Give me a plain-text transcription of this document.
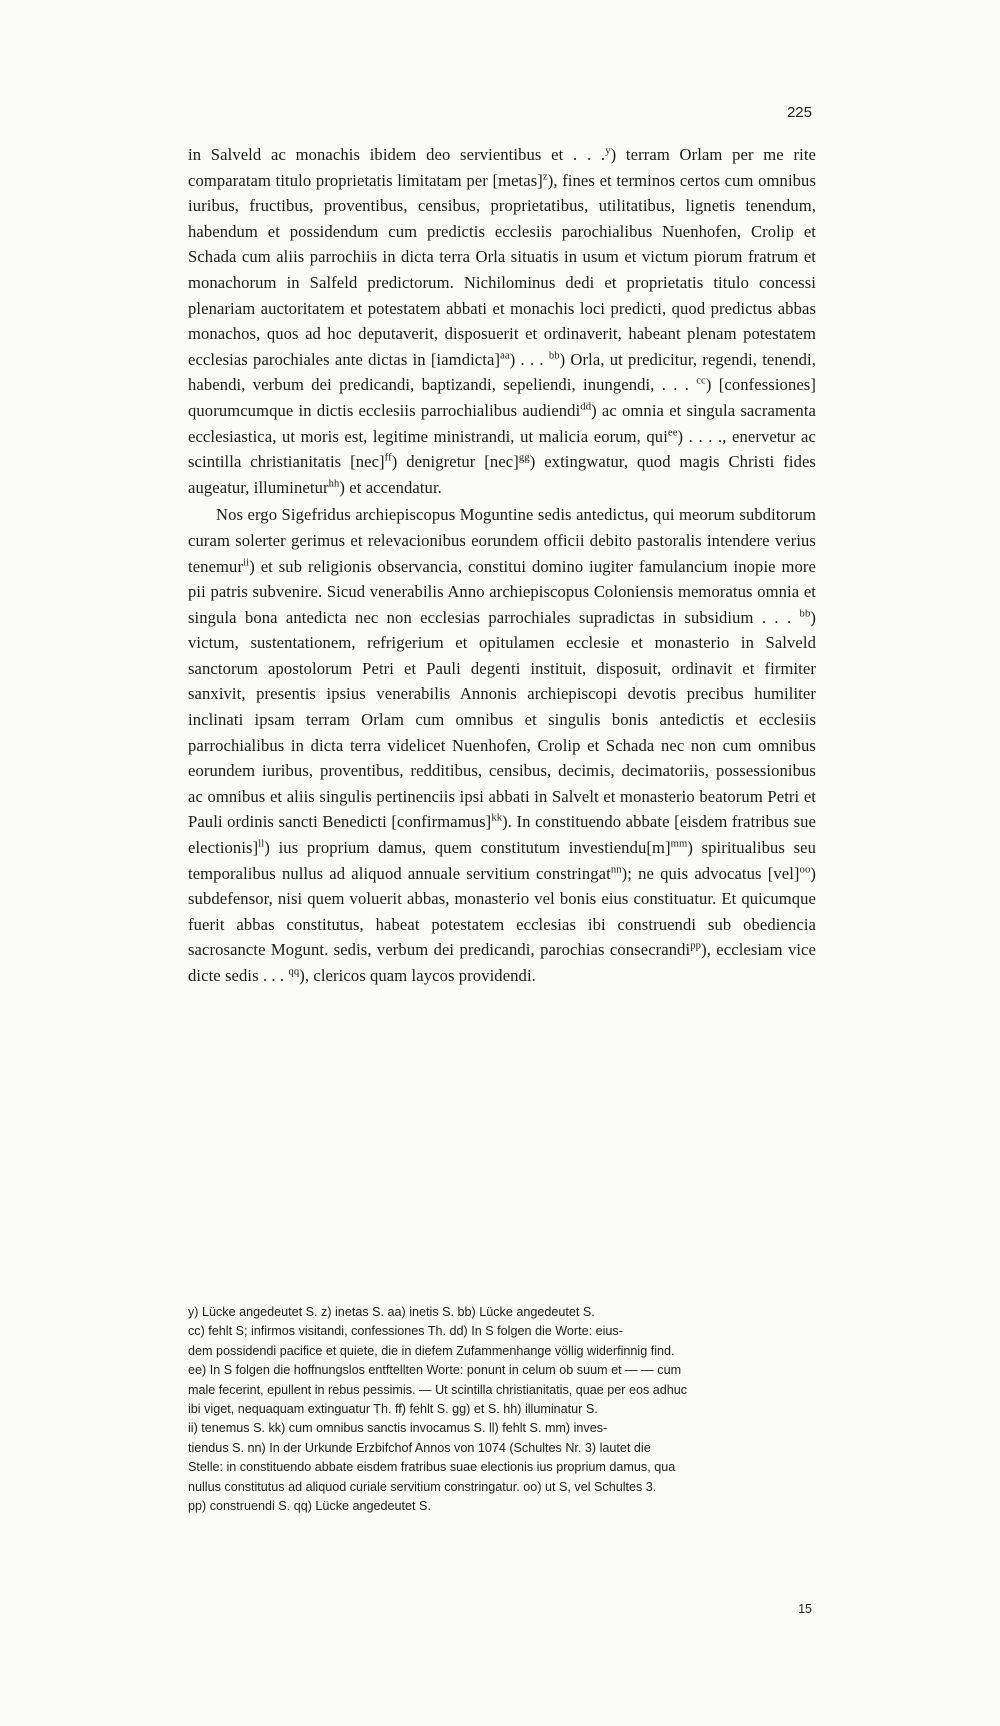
225

in Salveld ac monachis ibidem deo servientibus et . . .$^y$) terram Orlam per me rite comparatam titulo proprietatis limitatam per [metas]$^z$), fines et terminos certos cum omnibus iuribus, fructibus, proventibus, censibus, proprietatibus, utilitatibus, lignetis tenendum, habendum et possidendum cum predictis ecclesiis parochialibus Nuenhofen, Crolip et Schada cum aliis parrochiis in dicta terra Orla situatis in usum et victum piorum fratrum et monachorum in Salfeld predictorum. Nichilominus dedi et proprietatis titulo concessi plenariam auctoritatem et potestatem abbati et monachis loci predicti, quod predictus abbas monachos, quos ad hoc deputaverit, disposuerit et ordinaverit, habeant plenam potestatem ecclesias parochiales ante dictas in [iamdicta]$^{aa}$) . . . $^{bb}$) Orla, ut predicitur, regendi, tenendi, habendi, verbum dei predicandi, baptizandi, sepeliendi, inungendi, . . . $^{cc}$) [confessiones] quorumcumque in dictis ecclesiis parrochialibus audiendi$^{dd}$) ac omnia et singula sacramenta ecclesiastica, ut moris est, legitime ministrandi, ut malicia eorum, qui$^{ee}$) . . . ., enervetur ac scintilla christianitatis [nec]$^{ff}$) denigretur [nec]$^{gg}$) extingwatur, quod magis Christi fides augeatur, illuminetur$^{hh}$) et accendatur.

Nos ergo Sigefridus archiepiscopus Moguntine sedis antedictus, qui meorum subditorum curam solerter gerimus et relevacionibus eorundem officii debito pastoralis intendere verius tenemur$^{ii}$) et sub religionis observancia, constitui domino iugiter famulancium inopie more pii patris subvenire. Sicud venerabilis Anno archiepiscopus Coloniensis memoratus omnia et singula bona antedicta nec non ecclesias parrochiales supradictas in subsidium . . . $^{bb}$) victum, sustentationem, refrigerium et opitulamen ecclesie et monasterio in Salveld sanctorum apostolorum Petri et Pauli degenti instituit, disposuit, ordinavit et firmiter sanxivit, presentis ipsius venerabilis Annonis archiepiscopi devotis precibus humiliter inclinati ipsam terram Orlam cum omnibus et singulis bonis antedictis et ecclesiis parrochialibus in dicta terra videlicet Nuenhofen, Crolip et Schada nec non cum omnibus eorundem iuribus, proventibus, redditibus, censibus, decimis, decimatoriis, possessionibus ac omnibus et aliis singulis pertinenciis ipsi abbati in Salvelt et monasterio beatorum Petri et Pauli ordinis sancti Benedicti [confirmamus]$^{kk}$). In constituendo abbate [eisdem fratribus sue electionis]$^{ll}$) ius proprium damus, quem constitutum $investiendu[m]^{mm}$) spiritualibus seu temporalibus nullus ad aliquod annuale servitium constringat$^{nn}$); ne quis advocatus [vel]$^{oo}$) subdefensor, nisi quem voluerit abbas, monasterio vel bonis eius constituatur. Et quicumque fuerit abbas constitutus, habeat potestatem ecclesias ibi construendi sub obediencia sacrosancte Mogunt. sedis, verbum dei predicandi, parochias consecrandi$^{pp}$), ecclesiam vice dicte sedis . . . $^{qq}$), clericos quam laycos providendi.

y) Lücke angedeutet S. z) inetas S. aa) inetis S. bb) Lücke angedeutet S.

cc) fehlt S; infirmos visitandi, confessiones Th. dd) In S folgen die Worte: eius-

dem possidendi pacifice et quiete, die in diefem Zufammenhange völlig widerfinnig find.

ee) In S folgen die hoffnungslos entftellten Worte: ponunt in celum ob suum et — — cum

male fecerint, epullent in rebus pessimis. — Ut scintilla christianitatis, quae per eos adhuc

ibi viget, nequaquam extinguatur Th. ff) fehlt S. gg) et S. hh) illuminatur S.

ii) tenemus S. kk) cum omnibus sanctis invocamus S. ll) fehlt S. mm) inves-

tiendus S. nn) In der Urkunde Erzbifchof Annos von 1074 (Schultes Nr. 3) lautet die

Stelle: in constituendo abbate eisdem fratribus suae electionis ius proprium damus, qua

nullus constitutus ad aliquod curiale servitium constringatur. oo) ut S, vel Schultes 3.

pp) construendi S. qq) Lücke angedeutet S.

15
